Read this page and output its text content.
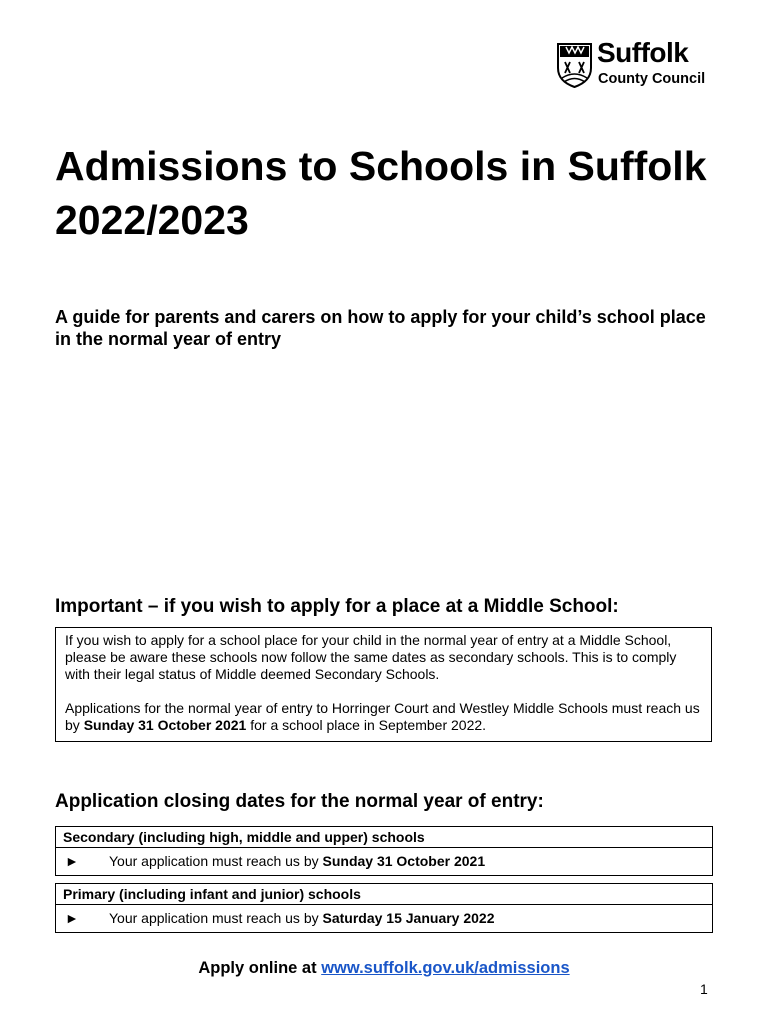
Suffolk
County Council
Admissions to Schools in Suffolk 2022/2023
A guide for parents and carers on how to apply for your child’s school place in the normal year of entry
Important – if you wish to apply for a place at a Middle School:

If you wish to apply for a school place for your child in the normal year of entry at a Middle School, please be aware these schools now follow the same dates as secondary schools. This is to comply with their legal status of Middle deemed Secondary Schools.

Applications for the normal year of entry to Horringer Court and Westley Middle Schools must reach us by Sunday 31 October 2021 for a school place in September 2022.

Application closing dates for the normal year of entry:
Secondary (including high, middle and upper) schools
►	Your application must reach us by Sunday 31 October 2021
Primary (including infant and junior) schools
►	Your application must reach us by Saturday 15 January 2022
Apply online at www.suffolk.gov.uk/admissions
1
